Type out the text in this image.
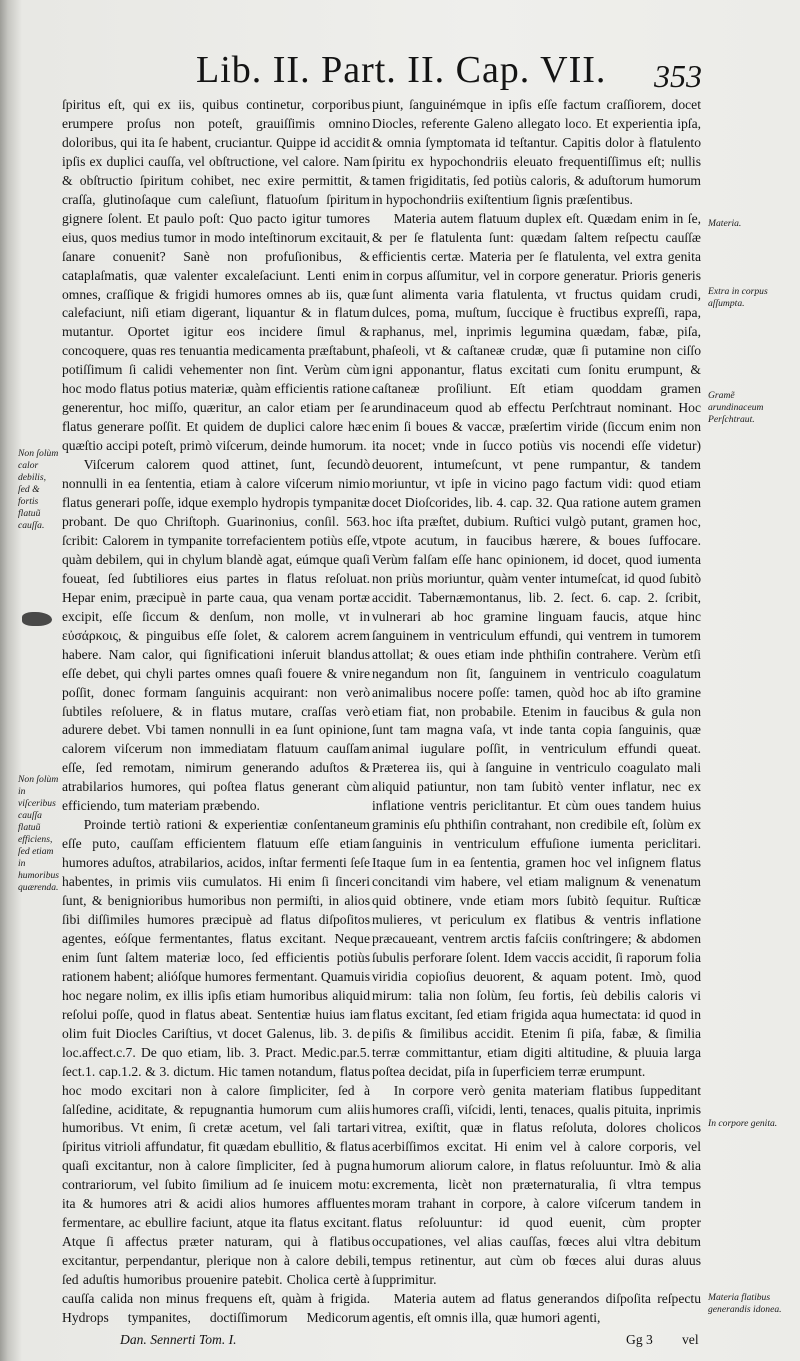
Lib. II. Part. II. Cap. VII.	353

ſpiritus eſt, qui ex iis, quibus continetur, corporibus erumpere proſus non poteſt, grauiſſimis omnino doloribus, qui ita ſe habent, cruciantur. Quippe id accidit ipſis ex duplici cauſſa, vel obſtructione, vel calore. Nam & obſtructio ſpiritum cohibet, nec exire permittit, & craſſa, glutinoſaque cum caleſiunt, flatuoſum ſpiritum gignere ſolent. Et paulo poſt: Quo pacto igitur tumores eius, quos medius tumor in modo inteſtinorum excitauit, ſanare conuenit? Sanè non profuſionibus, & cataplaſmatis, quæ valenter excaleſaciunt. Lenti enim omnes, craſſique & frigidi humores omnes ab iis, quæ calefaciunt, niſi etiam digerant, liquantur & in flatum mutantur. Oportet igitur eos incidere ſimul & concoquere, quas res tenuantia medicamenta præſtabunt, potiſſimum ſi calidi vehementer non ſint. Verùm cùm hoc modo flatus potius materiæ, quàm efficientis ratione generentur, hoc miſſo, quæritur, an calor etiam per ſe flatus generare poſſit. Et quidem de duplici calore hæc quæſtio accipi poteſt, primò viſcerum, deinde humorum.
Viſcerum calorem quod attinet, ſunt, ſecundò nonnulli in ea ſententia, etiam à calore viſcerum nimio flatus generari poſſe, idque exemplo hydropis tympanitæ probant. De quo Chriſtoph. Guarinonius, conſil. 563. ſcribit: Calorem in tympanite torrefacientem potiùs eſſe, quàm debilem, qui in chylum blandè agat, eúmque quaſi foueat, ſed ſubtiliores eius partes in flatus reſoluat. Hepar enim, præcipuè in parte caua, qua venam portæ excipit, eſſe ſiccum & denſum, non molle, vt in εὐσάρκοις, & pinguibus eſſe ſolet, & calorem acrem habere. Nam calor, qui ſignificationi inſeruit blandus eſſe debet, qui chyli partes omnes quaſi fouere & vnire poſſit, donec formam ſanguinis acquirant: non verò ſubtiles reſoluere, & in flatus mutare, craſſas verò adurere debet. Vbi tamen nonnulli in ea ſunt opinione, calorem viſcerum non immediatam flatuum cauſſam eſſe, ſed remotam, nimirum generando aduſtos & atrabilarios humores, qui poſtea flatus generant cùm efficiendo, tum materiam præbendo.
Proinde tertiò rationi & experientiæ conſentaneum eſſe puto, cauſſam efficientem flatuum eſſe etiam humores aduſtos, atrabilarios, acidos, inſtar fermenti ſeſe habentes, in primis viis cumulatos. Hi enim ſi ſinceri ſunt, & benignioribus humoribus non permiſti, in alios ſibi diſſimiles humores præcipuè ad flatus diſpoſitos agentes, eóſque fermentantes, flatus excitant. Neque enim ſunt ſaltem materiæ loco, ſed efficientis potiùs rationem habent; alióſque humores fermentant. Quamuis hoc negare nolim, ex illis ipſis etiam humoribus aliquid reſolui poſſe, quod in flatus abeat. Sententiæ huius iam olim fuit Diocles Cariſtius, vt docet Galenus, lib. 3. de loc.affect.c.7. De quo etiam, lib. 3. Pract. Medic.par.5. ſect.1. cap.1.2. & 3. dictum. Hic tamen notandum, flatus hoc modo excitari non à calore ſimpliciter, ſed à ſalſedine, aciditate, & repugnantia humorum cum aliis humoribus. Vt enim, ſi cretæ acetum, vel ſali tartari ſpiritus vitrioli affundatur, fit quædam ebullitio, & flatus quaſi excitantur, non à calore ſimpliciter, ſed à pugna contrariorum, vel ſubito ſimilium ad ſe inuicem motu: ita & humores atri & acidi alios humores affluentes fermentare, ac ebullire faciunt, atque ita flatus excitant. Atque ſi affectus præter naturam, qui à flatibus excitantur, perpendantur, plerique non à calore debili, ſed aduſtis humoribus prouenire patebit. Cholica certè à cauſſa calida non minus frequens eſt, quàm à frigida. Hydrops tympanites, doctiſſimorum Medicorum

piunt, ſanguinémque in ipſis eſſe factum craſſiorem, docet Diocles, referente Galeno allegato loco. Et experientia ipſa, & omnia ſymptomata id teſtantur. Capitis dolor à flatulento ſpiritu ex hypochondriis eleuato frequentiſſimus eſt; nullis tamen frigiditatis, ſed potiùs caloris, & aduſtorum humorum in hypochondriis exiſtentium ſignis præſentibus.
Materia autem flatuum duplex eſt. Quædam enim in ſe, & per ſe flatulenta ſunt: quædam ſaltem reſpectu cauſſæ efficientis certæ. Materia per ſe flatulenta, vel extra genita in corpus aſſumitur, vel in corpore generatur. Prioris generis ſunt alimenta varia flatulenta, vt fructus quidam crudi, dulces, poma, muſtum, ſuccique è fructibus expreſſi, rapa, raphanus, mel, inprimis legumina quædam, fabæ, piſa, phaſeoli, vt & caſtaneæ crudæ, quæ ſi putamine non ciſſo igni apponantur, flatus excitati cum ſonitu erumpunt, & caſtaneæ proſiliunt. Eſt etiam quoddam gramen arundinaceum quod ab effectu Perſchtraut nominant. Hoc enim ſi boues & vaccæ, præſertim viride (ſiccum enim non ita nocet; vnde in ſucco potiùs vis nocendi eſſe videtur) deuorent, intumeſcunt, vt pene rumpantur, & tandem moriuntur, vt ipſe in vicino pago factum vidi: quod etiam docet Dioſcorides, lib. 4. cap. 32. Qua ratione autem gramen hoc iſta præſtet, dubium. Ruſtici vulgò putant, gramen hoc, vtpote acutum, in faucibus hærere, & boues ſuffocare. Verùm falſam eſſe hanc opinionem, id docet, quod iumenta non priùs moriuntur, quàm venter intumeſcat, id quod ſubitò accidit. Tabernæmontanus, lib. 2. ſect. 6. cap. 2. ſcribit, vulnerari ab hoc gramine linguam faucis, atque hinc ſanguinem in ventriculum effundi, qui ventrem in tumorem attollat; & oues etiam inde phthiſin contrahere. Verùm etſi negandum non ſit, ſanguinem in ventriculo coagulatum animalibus nocere poſſe: tamen, quòd hoc ab iſto gramine etiam fiat, non probabile. Etenim in faucibus & gula non ſunt tam magna vaſa, vt inde tanta copia ſanguinis, quæ animal iugulare poſſit, in ventriculum effundi queat. Præterea iis, qui à ſanguine in ventriculo coagulato mali aliquid patiuntur, non tam ſubitò venter inflatur, nec ex inflatione ventris periclitantur. Et cùm oues tandem huius graminis eſu phthiſin contrahant, non credibile eſt, ſolùm ex ſanguinis in ventriculum effuſione iumenta periclitari. Itaque ſum in ea ſententia, gramen hoc vel inſignem flatus concitandi vim habere, vel etiam malignum & venenatum quid obtinere, vnde etiam mors ſubitò ſequitur. Ruſticæ mulieres, vt periculum ex flatibus & ventris inflatione præcaueant, ventrem arctis faſciis conſtringere; & abdomen ſubulis perforare ſolent. Idem vaccis accidit, ſi raporum folia viridia copioſius deuorent, & aquam potent. Imò, quod mirum: talia non ſolùm, ſeu fortis, ſeù debilis caloris vi flatus excitant, ſed etiam frigida aqua humectata: id quod in piſis & ſimilibus accidit. Etenim ſi piſa, fabæ, & ſimilia terræ committantur, etiam digiti altitudine, & pluuia larga poſtea decidat, piſa in ſuperficiem terræ erumpunt.
In corpore verò genita materiam flatibus ſuppeditant humores craſſi, viſcidi, lenti, tenaces, qualis pituita, inprimis vitrea, exiſtit, quæ in flatus reſoluta, dolores cholicos acerbiſſimos excitat. Hi enim vel à calore corporis, vel humorum aliorum calore, in flatus reſoluuntur. Imò & alia excrementa, licèt non præternaturalia, ſi vltra tempus moram trahant in corpore, à calore viſcerum tandem in flatus reſoluuntur: id quod euenit, cùm propter occupationes, vel alias cauſſas, fœces alui vltra debitum tempus retinentur, aut cùm ob fœces alui duras aluus ſupprimitur.
Materia autem ad flatus generandos diſpoſita reſpectu agentis, eſt omnis illa, quæ humori agenti,

Non ſolùm calor debilis, ſed & fortis flatuũ cauſſa.
Non ſolùm in viſceribus cauſſa flatuũ efficiens, ſed etiam in humoribus quærenda.
Materia.
Extra in corpus aſſumpta.
Gramẽ arundinaceum Perſchtraut.
In corpore genita.
Materia flatibus generandis idonea.
Dan. Sennerti Tom. I.	Gg 3	vel
